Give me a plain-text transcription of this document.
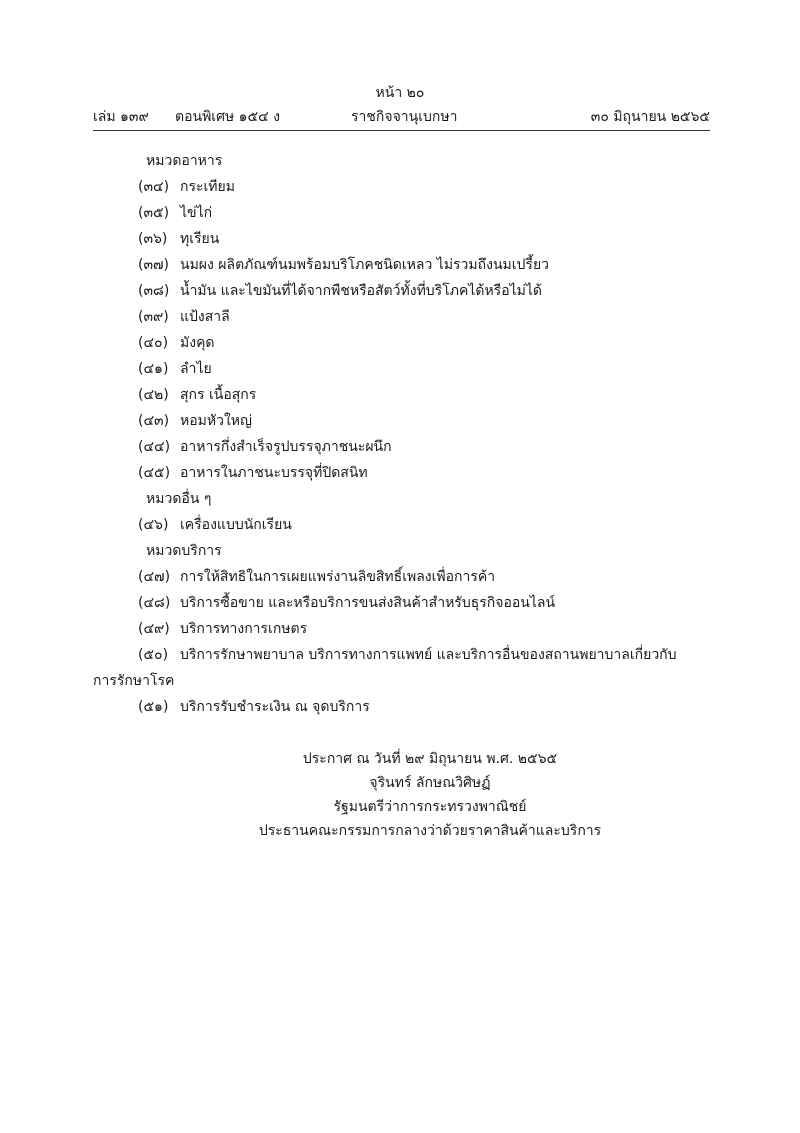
หน้า ๒๐
เล่ม ๑๓๙ ตอนพิเศษ ๑๕๔ ง	ราชกิจจานุเบกษา	๓๐ มิถุนายน ๒๕๖๕
หมวดอาหาร
(๓๔) กระเทียม
(๓๕) ไข่ไก่
(๓๖) ทุเรียน
(๓๗) นมผง ผลิตภัณฑ์นมพร้อมบริโภคชนิดเหลว ไม่รวมถึงนมเปรี้ยว
(๓๘) น้ำมัน และไขมันที่ได้จากพืชหรือสัตว์ทั้งที่บริโภคได้หรือไม่ได้
(๓๙) แป้งสาลี
(๔๐) มังคุด
(๔๑) ลำไย
(๔๒) สุกร เนื้อสุกร
(๔๓) หอมหัวใหญ่
(๔๔) อาหารกึ่งสำเร็จรูปบรรจุภาชนะผนึก
(๔๕) อาหารในภาชนะบรรจุที่ปิดสนิท
หมวดอื่น ๆ
(๔๖) เครื่องแบบนักเรียน
หมวดบริการ
(๔๗) การให้สิทธิในการเผยแพร่งานลิขสิทธิ์เพลงเพื่อการค้า
(๔๘) บริการซื้อขาย และหรือบริการขนส่งสินค้าสำหรับธุรกิจออนไลน์
(๔๙) บริการทางการเกษตร
(๕๐) บริการรักษาพยาบาล บริการทางการแพทย์ และบริการอื่นของสถานพยาบาลเกี่ยวกับ
การรักษาโรค
(๕๑) บริการรับชำระเงิน ณ จุดบริการ
ประกาศ ณ วันที่ ๒๙ มิถุนายน พ.ศ. ๒๕๖๕
จุรินทร์ ลักษณวิศิษฏ์
รัฐมนตรีว่าการกระทรวงพาณิชย์
ประธานคณะกรรมการกลางว่าด้วยราคาสินค้าและบริการ
